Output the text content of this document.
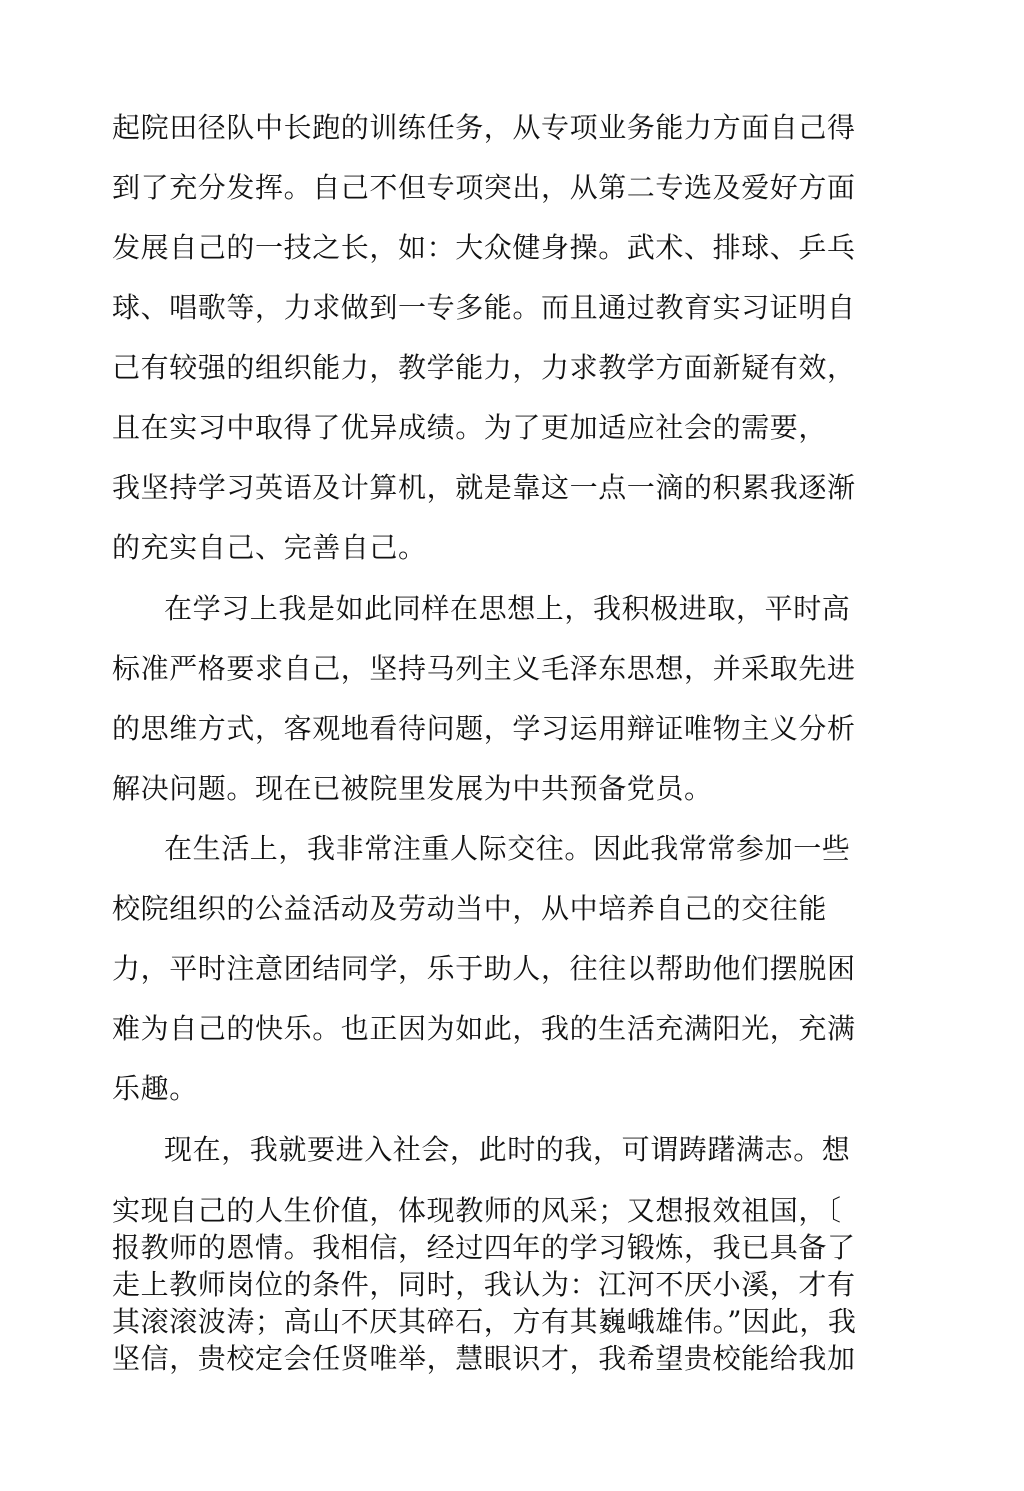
起院田径队中长跑的训练任务，从专项业务能力方面自己得

到了充分发挥。自己不但专项突出，从第二专选及爱好方面

发展自己的一技之长，如：大众健身操。武术、排球、乒乓

球、唱歌等，力求做到一专多能。而且通过教育实习证明自

己有较强的组织能力，教学能力，力求教学方面新疑有效，

且在实习中取得了优异成绩。为了更加适应社会的需要，

我坚持学习英语及计算机，就是靠这一点一滴的积累我逐渐

的充实自己、完善自己。

在学习上我是如此同样在思想上，我积极进取，平时高

标准严格要求自己，坚持马列主义毛泽东思想，并采取先进

的思维方式，客观地看待问题，学习运用辩证唯物主义分析

解决问题。现在已被院里发展为中共预备党员。

在生活上，我非常注重人际交往。因此我常常参加一些

校院组织的公益活动及劳动当中，从中培养自己的交往能

力，平时注意团结同学，乐于助人，往往以帮助他们摆脱困

难为自己的快乐。也正因为如此，我的生活充满阳光，充满

乐趣。

现在，我就要进入社会，此时的我，可谓踌躇满志。想

实现自己的人生价值，体现教师的风采；又想报效祖国，〔

报教师的恩情。我相信，经过四年的学习锻炼，我已具备了

走上教师岗位的条件，同时，我认为：江河不厌小溪，才有

其滚滚波涛；高山不厌其碎石，方有其巍峨雄伟。”因此，我

坚信，贵校定会任贤唯举，慧眼识才，我希望贵校能给我加
